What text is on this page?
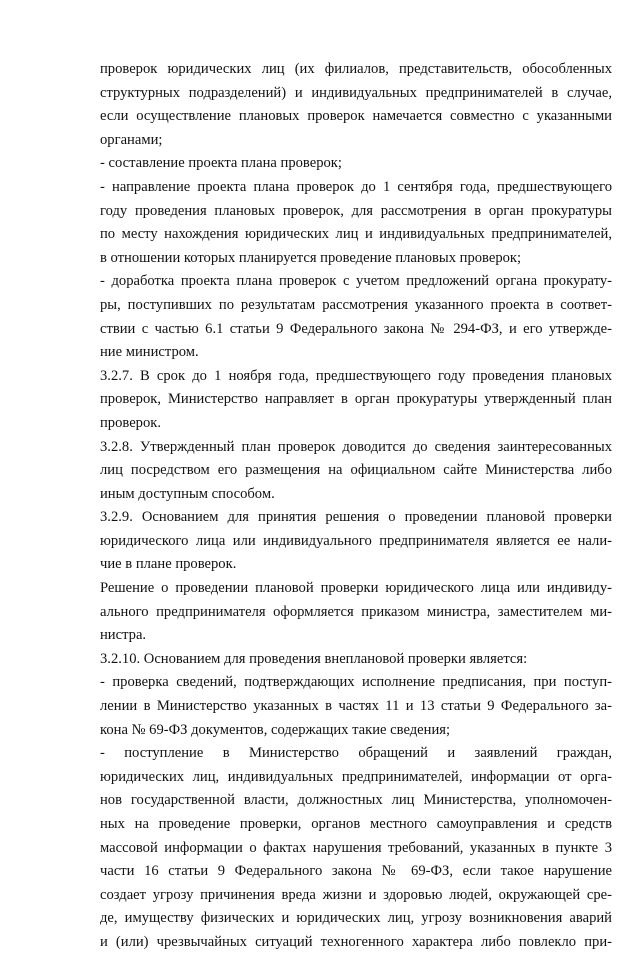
проверок юридических лиц (их филиалов, представительств, обособленных
структурных подразделений) и индивидуальных предпринимателей в случае,
если осуществление плановых проверок намечается совместно с указанными
органами;
- составление проекта плана проверок;
- направление проекта плана проверок до 1 сентября года, предшествующего
году проведения плановых проверок, для рассмотрения в орган прокуратуры
по месту нахождения юридических лиц и индивидуальных предпринимателей,
в отношении которых планируется проведение плановых проверок;
- доработка проекта плана проверок с учетом предложений органа прокурату-
ры, поступивших по результатам рассмотрения указанного проекта в соответ-
ствии с частью 6.1 статьи 9 Федерального закона № 294-ФЗ, и его утвержде-
ние министром.
3.2.7. В срок до 1 ноября года, предшествующего году проведения плановых
проверок, Министерство направляет в орган прокуратуры утвержденный план
проверок.
3.2.8. Утвержденный план проверок доводится до сведения заинтересованных
лиц посредством его размещения на официальном сайте Министерства либо
иным доступным способом.
3.2.9. Основанием для принятия решения о проведении плановой проверки
юридического лица или индивидуального предпринимателя является ее нали-
чие в плане проверок.
Решение о проведении плановой проверки юридического лица или индивиду-
ального предпринимателя оформляется приказом министра, заместителем ми-
нистра.
3.2.10. Основанием для проведения внеплановой проверки является:
- проверка сведений, подтверждающих исполнение предписания, при поступ-
лении в Министерство указанных в частях 11 и 13 статьи 9 Федерального за-
кона № 69-ФЗ документов, содержащих такие сведения;
- поступление в Министерство обращений и заявлений граждан,
юридических лиц, индивидуальных предпринимателей, информации от орга-
нов государственной власти, должностных лиц Министерства, уполномочен-
ных на проведение проверки, органов местного самоуправления и средств
массовой информации о фактах нарушения требований, указанных в пункте 3
части 16 статьи 9 Федерального закона № 69-ФЗ, если такое нарушение
создает угрозу причинения вреда жизни и здоровью людей, окружающей сре-
де, имуществу физических и юридических лиц, угрозу возникновения аварий
и (или) чрезвычайных ситуаций техногенного характера либо повлекло при-
